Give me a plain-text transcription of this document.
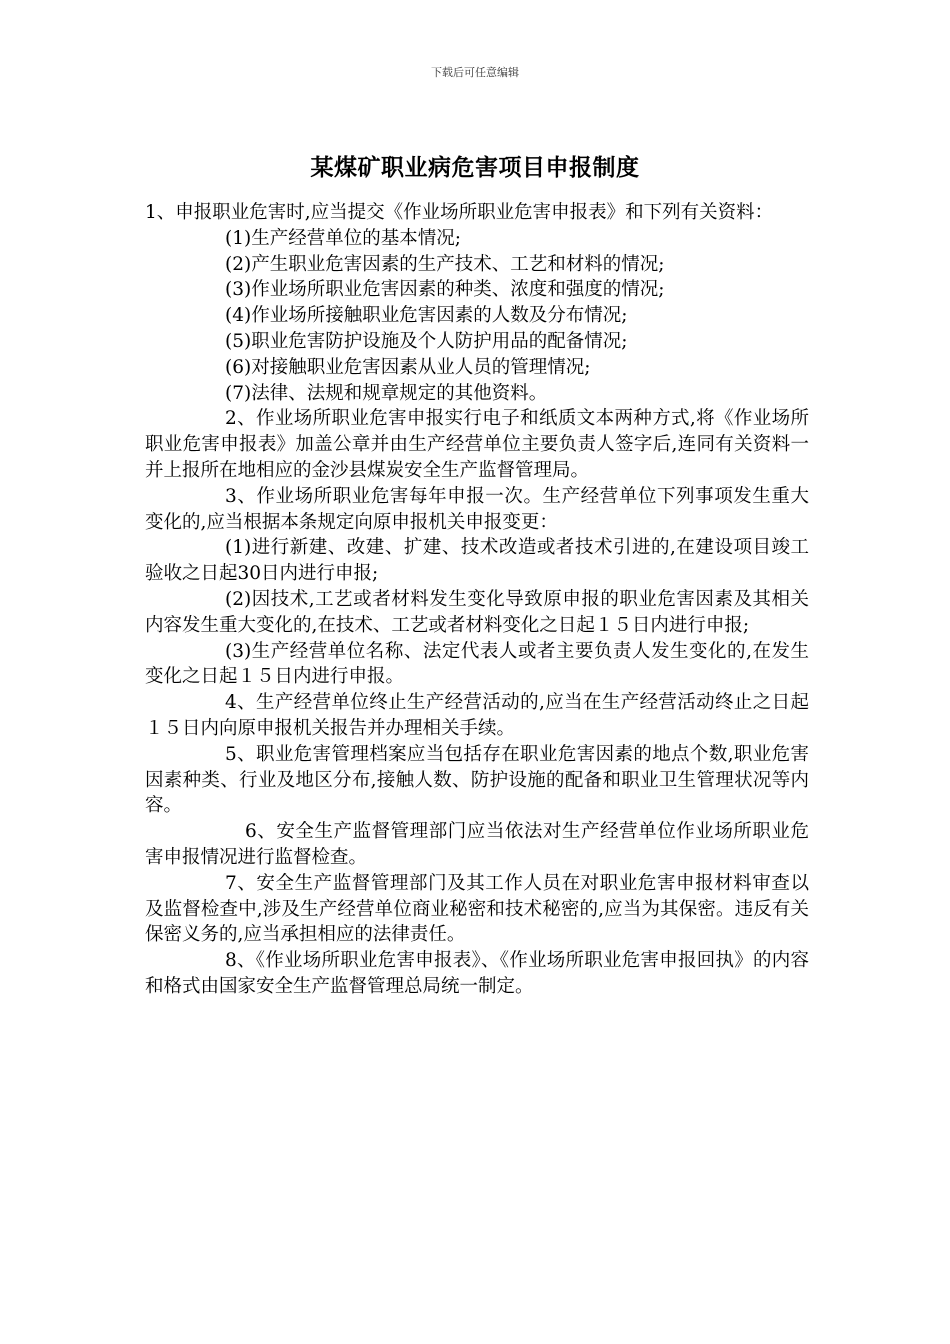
下载后可任意编辑
某煤矿职业病危害项目申报制度

1、申报职业危害时,应当提交《作业场所职业危害申报表》和下列有关资料：

(1)生产经营单位的基本情况;

(2)产生职业危害因素的生产技术、工艺和材料的情况;

(3)作业场所职业危害因素的种类、浓度和强度的情况;

(4)作业场所接触职业危害因素的人数及分布情况;

(5)职业危害防护设施及个人防护用品的配备情况;

(6)对接触职业危害因素从业人员的管理情况;

(7)法律、法规和规章规定的其他资料。

2、作业场所职业危害申报实行电子和纸质文本两种方式,将《作业场所职业危害申报表》加盖公章并由生产经营单位主要负责人签字后,连同有关资料一并上报所在地相应的金沙县煤炭安全生产监督管理局。

3、作业场所职业危害每年申报一次。生产经营单位下列事项发生重大变化的,应当根据本条规定向原申报机关申报变更：

(1)进行新建、改建、扩建、技术改造或者技术引进的,在建设项目竣工验收之日起30日内进行申报;

(2)因技术,工艺或者材料发生变化导致原申报的职业危害因素及其相关内容发生重大变化的,在技术、工艺或者材料变化之日起１５日内进行申报;

(3)生产经营单位名称、法定代表人或者主要负责人发生变化的,在发生变化之日起１５日内进行申报。

4、生产经营单位终止生产经营活动的,应当在生产经营活动终止之日起１５日内向原申报机关报告并办理相关手续。

5、职业危害管理档案应当包括存在职业危害因素的地点个数,职业危害因素种类、行业及地区分布,接触人数、防护设施的配备和职业卫生管理状况等内容。

6、安全生产监督管理部门应当依法对生产经营单位作业场所职业危害申报情况进行监督检查。

7、安全生产监督管理部门及其工作人员在对职业危害申报材料审查以及监督检查中,涉及生产经营单位商业秘密和技术秘密的,应当为其保密。违反有关保密义务的,应当承担相应的法律责任。

8、《作业场所职业危害申报表》、《作业场所职业危害申报回执》的内容和格式由国家安全生产监督管理总局统一制定。
